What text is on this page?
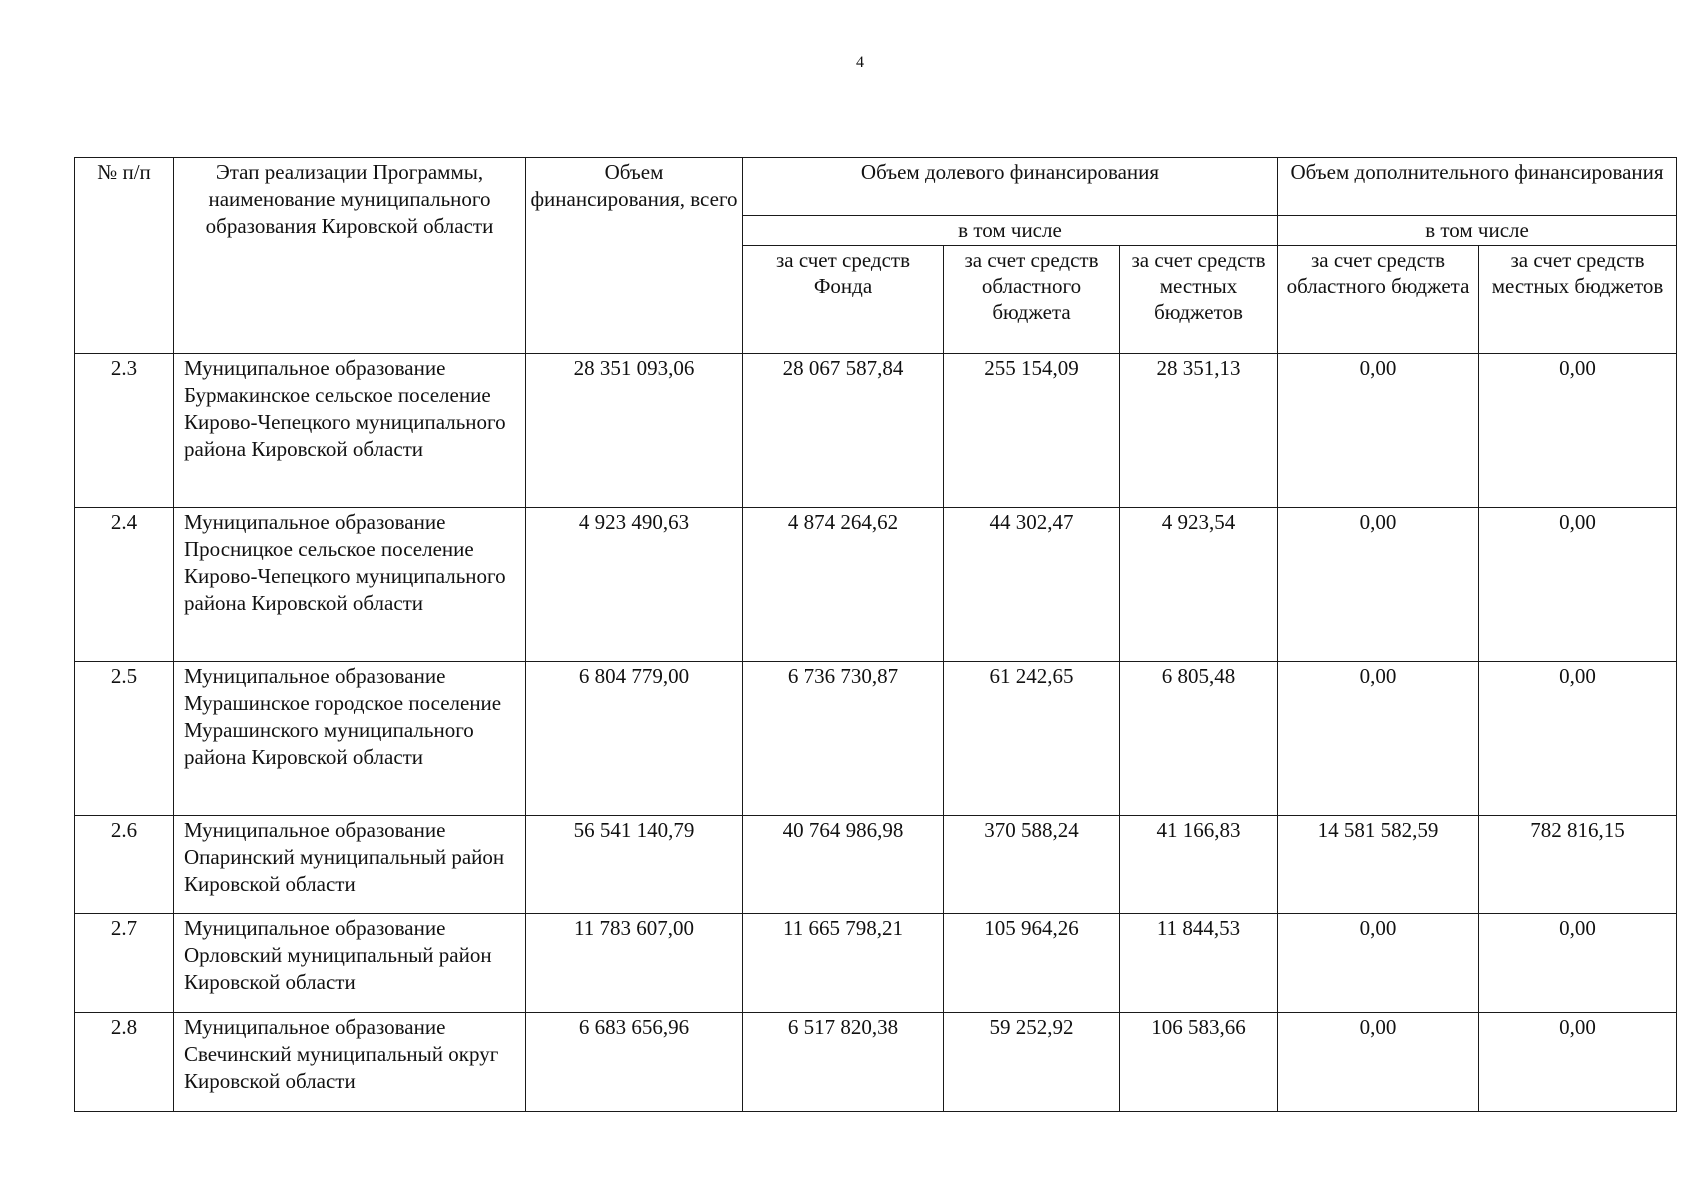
4
№ п/п	Этап реализации Программы, наименование муниципального образования Кировской области	Объем финансирования, всего	Объем долевого финансирования			Объем дополнительного финансирования	
			в том числе			в том числе	
			за счет средств Фонда	за счет средств областного бюджета	за счет средств местных бюджетов	за счет средств областного бюджета	за счет средств местных бюджетов
2.3	Муниципальное образование Бурмакинское сельское поселение Кирово-Чепецкого муниципального района Кировской области	28 351 093,06	28 067 587,84	255 154,09	28 351,13	0,00	0,00
2.4	Муниципальное образование Просницкое сельское поселение Кирово-Чепецкого муниципального района Кировской области	4 923 490,63	4 874 264,62	44 302,47	4 923,54	0,00	0,00
2.5	Муниципальное образование Мурашинское городское поселение Мурашинского муниципального района Кировской области	6 804 779,00	6 736 730,87	61 242,65	6 805,48	0,00	0,00
2.6	Муниципальное образование Опаринский муниципальный район Кировской области	56 541 140,79	40 764 986,98	370 588,24	41 166,83	14 581 582,59	782 816,15
2.7	Муниципальное образование Орловский муниципальный район Кировской области	11 783 607,00	11 665 798,21	105 964,26	11 844,53	0,00	0,00
2.8	Муниципальное образование Свечинский муниципальный округ Кировской области	6 683 656,96	6 517 820,38	59 252,92	106 583,66	0,00	0,00
